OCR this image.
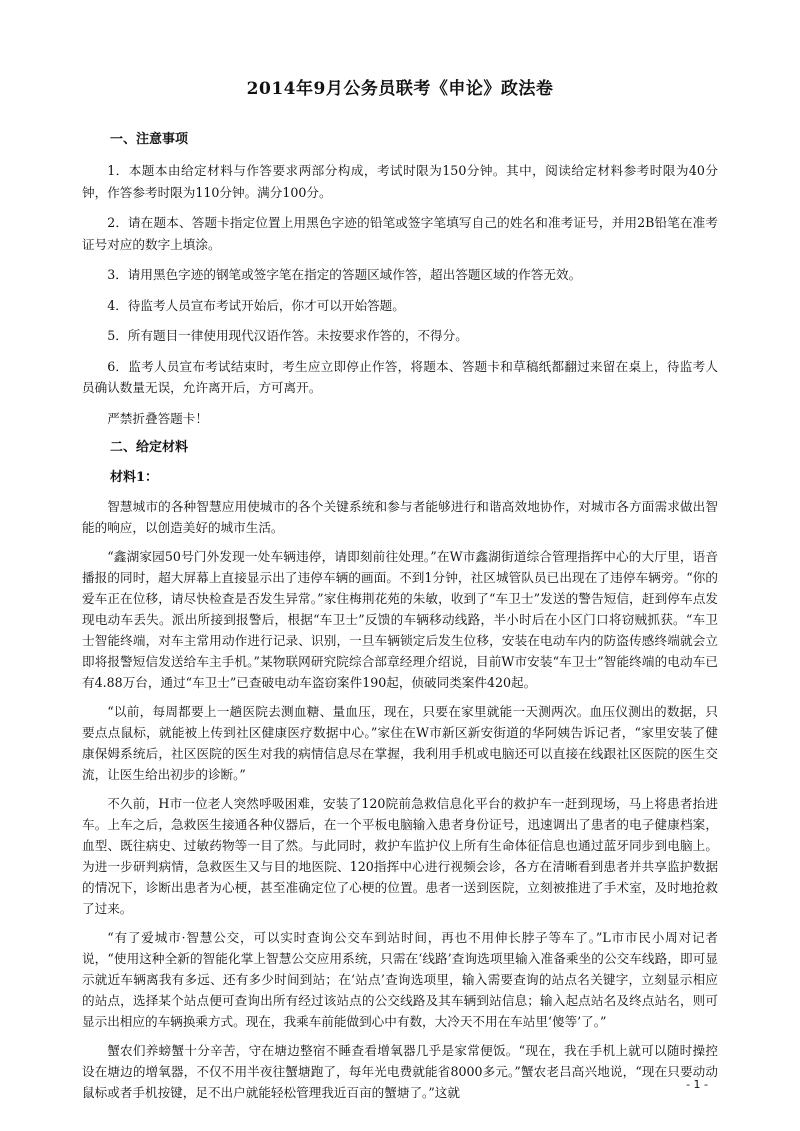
2014年9月公务员联考《申论》政法卷
一、注意事项

1．本题本由给定材料与作答要求两部分构成，考试时限为150分钟。其中，阅读给定材料参考时限为40分钟，作答参考时限为110分钟。满分100分。

2．请在题本、答题卡指定位置上用黑色字迹的铅笔或签字笔填写自己的姓名和准考证号，并用2B铅笔在准考证号对应的数字上填涂。

3．请用黑色字迹的钢笔或签字笔在指定的答题区域作答，超出答题区域的作答无效。

4．待监考人员宣布考试开始后，你才可以开始答题。

5．所有题目一律使用现代汉语作答。未按要求作答的，不得分。

6．监考人员宣布考试结束时，考生应立即停止作答，将题本、答题卡和草稿纸都翻过来留在桌上，待监考人员确认数量无误，允许离开后，方可离开。

严禁折叠答题卡！

二、给定材料
材料1：

智慧城市的各种智慧应用使城市的各个关键系统和参与者能够进行和谐高效地协作，对城市各方面需求做出智能的响应，以创造美好的城市生活。

“鑫湖家园50号门外发现一处车辆违停，请即刻前往处理。”在W市鑫湖街道综合管理指挥中心的大厅里，语音播报的同时，超大屏幕上直接显示出了违停车辆的画面。不到1分钟，社区城管队员已出现在了违停车辆旁。“你的爱车正在位移，请尽快检查是否发生异常。”家住梅荆花苑的朱敏，收到了“车卫士”发送的警告短信，赶到停车点发现电动车丢失。派出所接到报警后，根据“车卫士”反馈的车辆移动线路，半小时后在小区门口将窃贼抓获。“车卫士智能终端，对车主常用动作进行记录、识别，一旦车辆锁定后发生位移，安装在电动车内的防盗传感终端就会立即将报警短信发送给车主手机。”某物联网研究院综合部章经理介绍说，目前W市安装“车卫士”智能终端的电动车已有4.88万台，通过“车卫士”已查破电动车盗窃案件190起，侦破同类案件420起。

“以前，每周都要上一趟医院去测血糖、量血压，现在，只要在家里就能一天测两次。血压仪测出的数据，只要点点鼠标，就能被上传到社区健康医疗数据中心。”家住在W市新区新安街道的华阿姨告诉记者，“家里安装了健康保姆系统后，社区医院的医生对我的病情信息尽在掌握，我利用手机或电脑还可以直接在线跟社区医院的医生交流，让医生给出初步的诊断。”

不久前，H市一位老人突然呼吸困难，安装了120院前急救信息化平台的救护车一赶到现场，马上将患者抬进车。上车之后，急救医生接通各种仪器后，在一个平板电脑输入患者身份证号，迅速调出了患者的电子健康档案，血型、既往病史、过敏药物等一目了然。与此同时，救护车监护仪上所有生命体征信息也通过蓝牙同步到电脑上。为进一步研判病情，急救医生又与目的地医院、120指挥中心进行视频会诊，各方在清晰看到患者并共享监护数据的情况下，诊断出患者为心梗，甚至准确定位了心梗的位置。患者一送到医院，立刻被推进了手术室，及时地抢救了过来。

“有了爱城市·智慧公交，可以实时查询公交车到站时间，再也不用伸长脖子等车了。”L市市民小周对记者说，“使用这种全新的智能化掌上智慧公交应用系统，只需在‘线路’查询选项里输入准备乘坐的公交车线路，即可显示就近车辆离我有多远、还有多少时间到站；在‘站点’查询选项里，输入需要查询的站点名关键字，立刻显示相应的站点，选择某个站点便可查询出所有经过该站点的公交线路及其车辆到站信息；输入起点站名及终点站名，则可显示出相应的车辆换乘方式。现在，我乘车前能做到心中有数，大冷天不用在车站里‘傻等’了。”

蟹农们养螃蟹十分辛苦，守在塘边整宿不睡查看增氧器几乎是家常便饭。“现在，我在手机上就可以随时操控设在塘边的增氧器，不仅不用半夜往蟹塘跑了，每年光电费就能省8000多元。”蟹农老吕高兴地说，“现在只要动动鼠标或者手机按键，足不出户就能轻松管理我近百亩的蟹塘了。”这就

- 1 -
